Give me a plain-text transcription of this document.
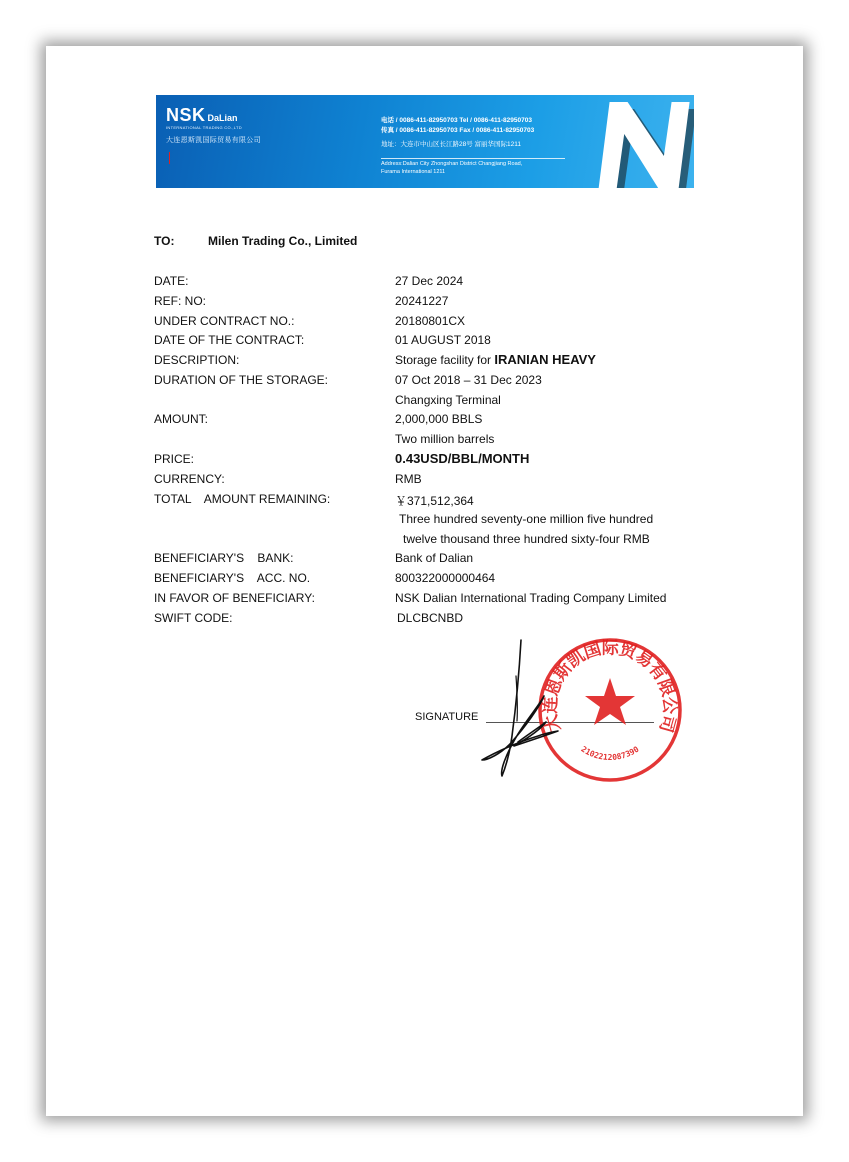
NSK DaLian
INTERNATIONAL TRADING CO.,LTD
大连恩斯凯国际贸易有限公司
电话 / 0086-411-82950703 Tel / 0086-411-82950703
传真 / 0086-411-82950703 Fax / 0086-411-82950703
地址：大连市中山区长江路28号 富丽华国际1211
Address:Dalian City Zhongshan District Changjiang Road,
Furama International 1211
N
TO:	Milen Trading Co., Limited
DATE:	27 Dec 2024
REF: NO:	20241227
UNDER CONTRACT NO.:	20180801CX
DATE OF THE CONTRACT:	01 AUGUST 2018
DESCRIPTION:	Storage facility for IRANIAN HEAVY
DURATION OF THE STORAGE:	07 Oct 2018 – 31 Dec 2023
Changxing Terminal
AMOUNT:	2,000,000 BBLS
Two million barrels
PRICE:	0.43USD/BBL/MONTH
CURRENCY:	RMB
TOTAL    AMOUNT REMAINING:	￥371,512,364
Three hundred seventy-one million five hundred
twelve thousand three hundred sixty-four RMB
BENEFICIARY'S    BANK:	Bank of Dalian
BENEFICIARY'S    ACC. NO.	800322000000464
IN FAVOR OF BENEFICIARY:	NSK Dalian International Trading Company Limited
SWIFT CODE:	DLCBCNBD
SIGNATURE	大连恩斯凯国际贸易有限公司
2102212087390
